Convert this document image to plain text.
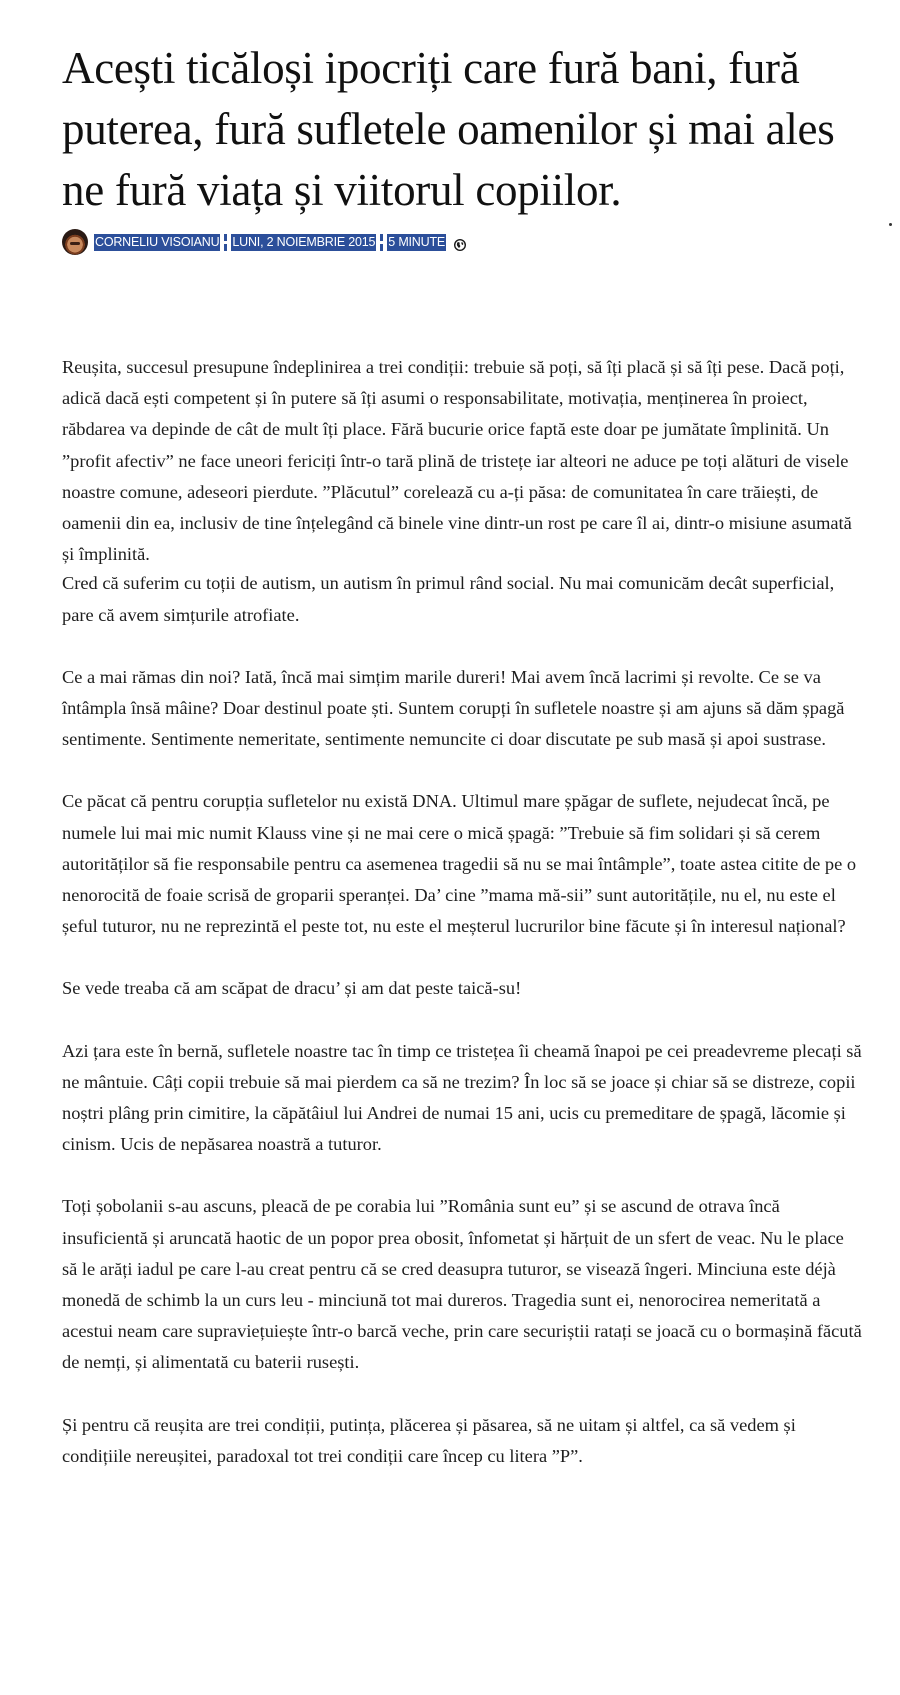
Acești ticăloși ipocriți care fură bani, fură puterea, fură sufletele oamenilor și mai ales ne fură viața și viitorul copiilor.
CORNELIU VISOIANU LUNI, 2 NOIEMBRIE 2015 5 MINUTE

Reușita, succesul presupune îndeplinirea a trei condiții: trebuie să poți, să îți placă și să îți pese. Dacă poți, adică dacă ești competent și în putere să îți asumi o responsabilitate, motivația, menținerea în proiect, răbdarea va depinde de cât de mult îți place. Fără bucurie orice faptă este doar pe jumătate împlinită. Un ”profit afectiv” ne face uneori fericiți într-o tară plină de tristețe iar alteori ne aduce pe toți alături de visele noastre comune, adeseori pierdute. ”Plăcutul” corelează cu a-ți păsa: de comunitatea în care trăiești, de oamenii din ea, inclusiv de tine înțelegând că binele vine dintr-un rost pe care îl ai, dintr-o misiune asumată și împlinită.

Cred că suferim cu toții de autism, un autism în primul rând social. Nu mai comunicăm decât superficial, pare că avem simțurile atrofiate.

Ce a mai rămas din noi? Iată, încă mai simțim marile dureri! Mai avem încă lacrimi și revolte. Ce se va întâmpla însă mâine? Doar destinul poate ști. Suntem corupți în sufletele noastre și am ajuns să dăm șpagă sentimente. Sentimente nemeritate, sentimente nemuncite ci doar discutate pe sub masă și apoi sustrase.

Ce păcat că pentru corupția sufletelor nu există DNA. Ultimul mare șpăgar de suflete, nejudecat încă, pe numele lui mai mic numit Klauss vine și ne mai cere o mică șpagă: ”Trebuie să fim solidari și să cerem autorităților să fie responsabile pentru ca asemenea tragedii să nu se mai întâmple”, toate astea citite de pe o nenorocită de foaie scrisă de groparii speranței. Da’ cine ”mama mă-sii” sunt autoritățile, nu el, nu este el șeful tuturor, nu ne reprezintă el peste tot, nu este el meșterul lucrurilor bine făcute și în interesul național?

Se vede treaba că am scăpat de dracu’ și am dat peste taică-su!

Azi țara este în bernă, sufletele noastre tac în timp ce tristețea îi cheamă înapoi pe cei preadevreme plecați să ne mântuie. Câți copii trebuie să mai pierdem ca să ne trezim? În loc să se joace și chiar să se distreze, copii noștri plâng prin cimitire, la căpătâiul lui Andrei de numai 15 ani, ucis cu premeditare de șpagă, lăcomie și cinism. Ucis de nepăsarea noastră a tuturor.

Toți șobolanii s-au ascuns, pleacă de pe corabia lui ”România sunt eu” și se ascund de otrava încă insuficientă și aruncată haotic de un popor prea obosit, înfometat și hărțuit de un sfert de veac. Nu le place să le arăți iadul pe care l-au creat pentru că se cred deasupra tuturor, se visează îngeri. Minciuna este déjà monedă de schimb la un curs leu - minciună tot mai dureros. Tragedia sunt ei, nenorocirea nemeritată a acestui neam care supraviețuiește într-o barcă veche, prin care securiștii ratați se joacă cu o bormașină făcută de nemți, și alimentată cu baterii rusești.

Și pentru că reușita are trei condiții, putința, plăcerea și păsarea, să ne uitam și altfel, ca să vedem și condițiile nereușitei, paradoxal tot trei condiții care încep cu litera ”P”.
